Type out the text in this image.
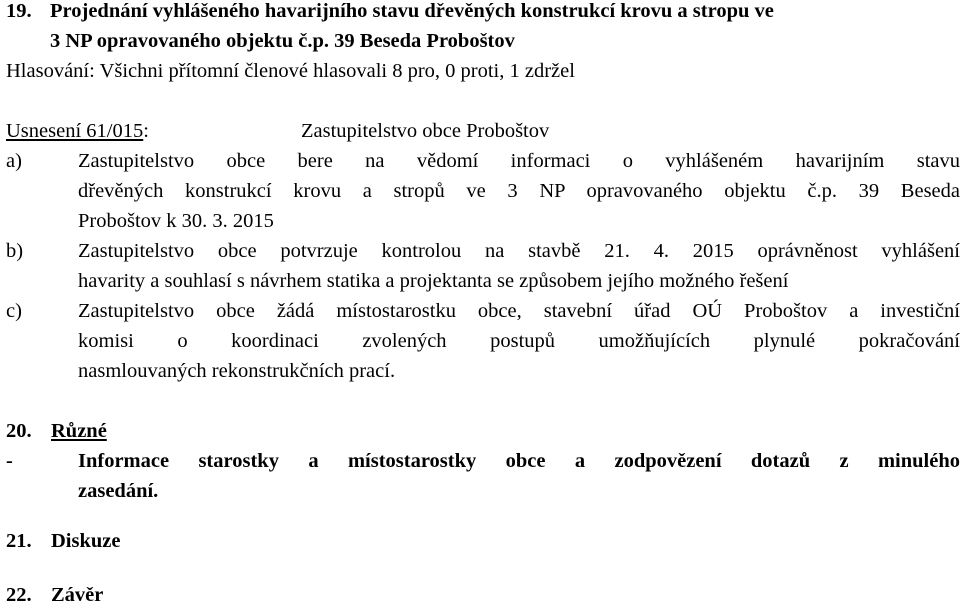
19. Projednání vyhlášeného havarijního stavu dřevěných konstrukcí krovu a stropu ve
3 NP opravovaného objektu č.p. 39 Beseda Proboštov
Hlasování: Všichni přítomní členové hlasovali 8 pro, 0 proti, 1 zdržel
Usnesení 61/015:	Zastupitelstvo obce Proboštov
a)	Zastupitelstvo obce bere na vědomí informaci o vyhlášeném havarijním stavu
dřevěných konstrukcí krovu a stropů ve 3 NP opravovaného objektu č.p. 39 Beseda
Proboštov k 30. 3. 2015
b)	Zastupitelstvo obce potvrzuje kontrolou na stavbě 21. 4. 2015 oprávněnost vyhlášení
havarity a souhlasí s návrhem statika a projektanta se způsobem jejího možného řešení
c)	Zastupitelstvo obce žádá místostarostku obce, stavební úřad OÚ Proboštov a investiční
komisi o koordinaci zvolených postupů umožňujících plynulé pokračování
nasmlouvaných rekonstrukčních prací.
20. Různé
-	Informace starostky a místostarostky obce a zodpovězení dotazů z minulého
zasedání.
21. Diskuze
22. Závěr
